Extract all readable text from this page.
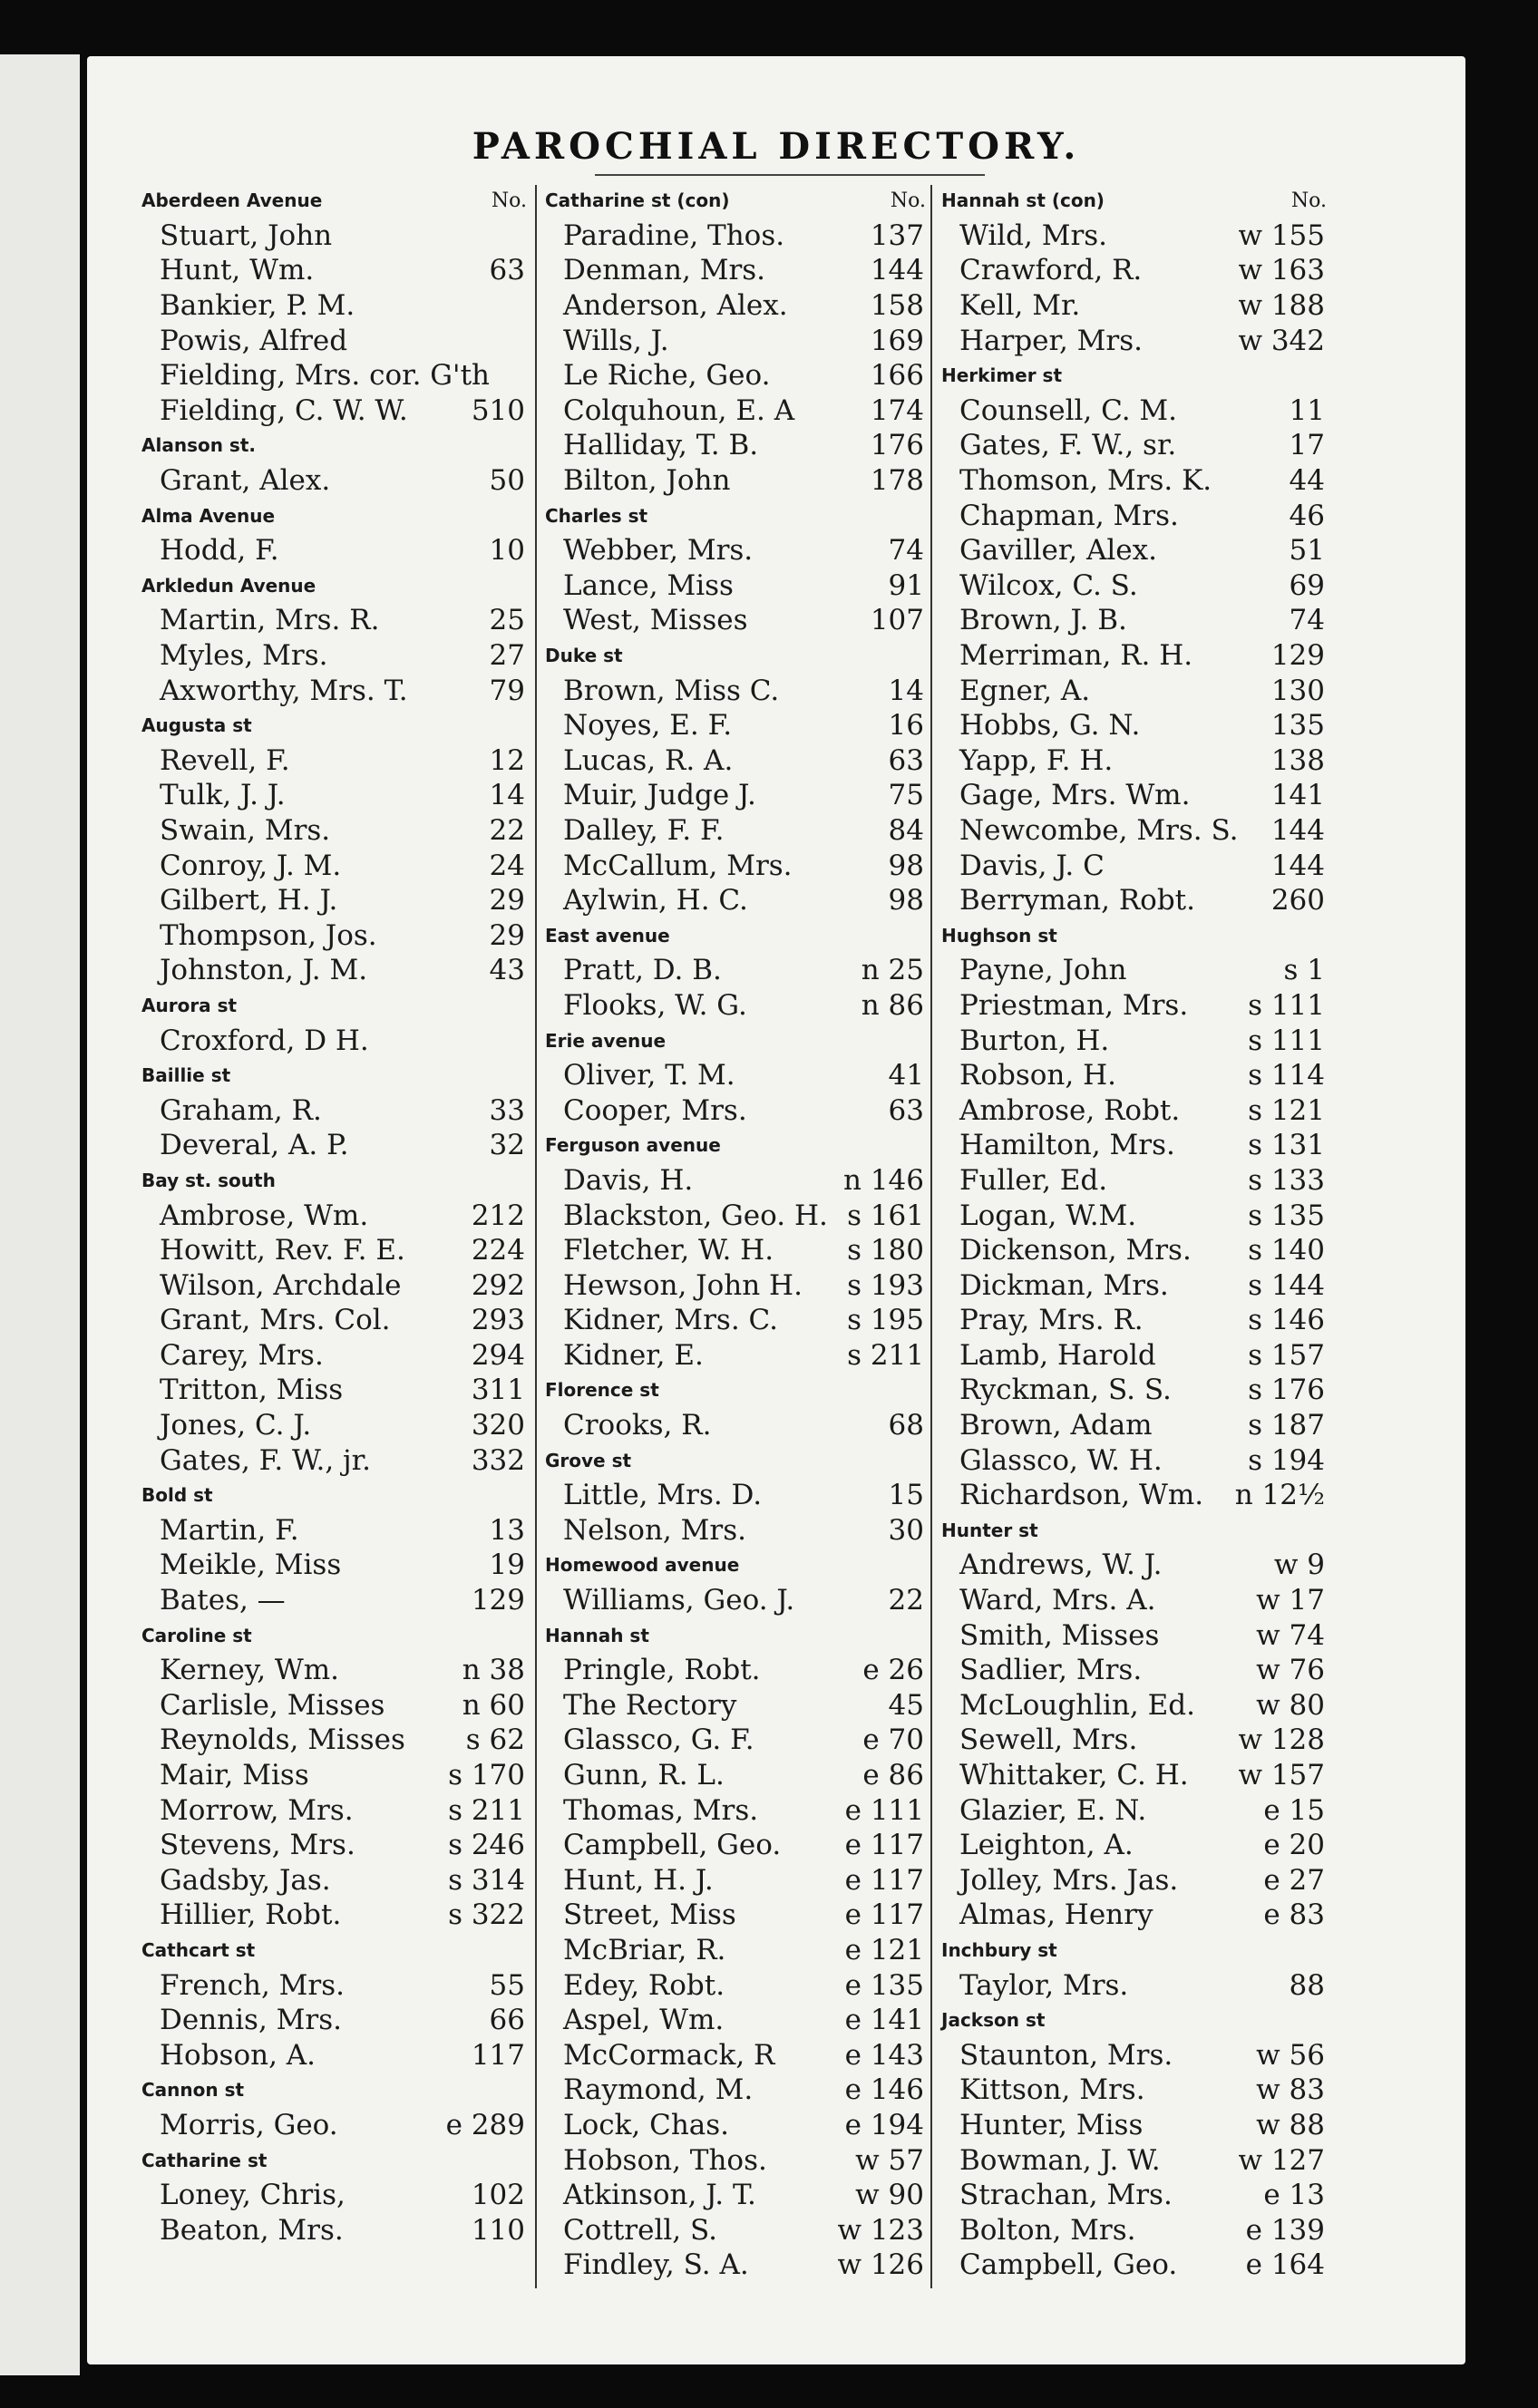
PAROCHIAL DIRECTORY.
Aberdeen Avenue	No.
Stuart, John
Hunt, Wm.	63
Bankier, P. M.
Powis, Alfred
Fielding, Mrs. cor. G'th
Fielding, C. W. W. 510
Alanson st.
Grant, Alex.	50
Alma Avenue
Hodd, F.	10
Arkledun Avenue
Martin, Mrs. R.	25
Myles, Mrs.	27
Axworthy, Mrs. T.	79
Augusta st
Revell, F.	12
Tulk, J. J.	14
Swain, Mrs.	22
Conroy, J. M.	24
Gilbert, H. J.	29
Thompson, Jos.	29
Johnston, J. M.	43
Aurora st
Croxford, D H.
Baillie st
Graham, R.	33
Deveral, A. P.	32
Bay st. south
Ambrose, Wm.	212
Howitt, Rev. F. E. 224
Wilson, Archdale 292
Grant, Mrs. Col.	293
Carey, Mrs.	294
Tritton, Miss	311
Jones, C. J.	320
Gates, F. W., jr.	332
Bold st
Martin, F.	13
Meikle, Miss	19
Bates, —	129
Caroline st
Kerney, Wm.	n 38
Carlisle, Misses	n 60
Reynolds, Misses s 62
Mair, Miss	s 170
Morrow, Mrs.	s 211
Stevens, Mrs.	s 246
Gadsby, Jas.	s 314
Hillier, Robt.	s 322
Cathcart st
French, Mrs.	55
Dennis, Mrs.	66
Hobson, A.	117
Cannon st
Morris, Geo.	e 289
Catharine st
Loney, Chris,	102
Beaton, Mrs.	110
Catharine st (con)	No.
Paradine, Thos.	137
Denman, Mrs.	144
Anderson, Alex.	158
Wills, J.	169
Le Riche, Geo.	166
Colquhoun, E. A	174
Halliday, T. B.	176
Bilton, John	178
Charles st
Webber, Mrs.	74
Lance, Miss	91
West, Misses	107
Duke st
Brown, Miss C.	14
Noyes, E. F.	16
Lucas, R. A.	63
Muir, Judge J.	75
Dalley, F. F.	84
McCallum, Mrs.	98
Aylwin, H. C.	98
East avenue
Pratt, D. B.	n 25
Flooks, W. G.	n 86
Erie avenue
Oliver, T. M.	41
Cooper, Mrs.	63
Ferguson avenue
Davis, H.	n 146
Blackston, Geo. H. s 161
Fletcher, W. H.	s 180
Hewson, John H. s 193
Kidner, Mrs. C. s 195
Kidner, E.	s 211
Florence st
Crooks, R.	68
Grove st
Little, Mrs. D.	15
Nelson, Mrs.	30
Homewood avenue
Williams, Geo. J.	22
Hannah st
Pringle, Robt.	e 26
The Rectory	45
Glassco, G. F.	e 70
Gunn, R. L.	e 86
Thomas, Mrs.	e 111
Campbell, Geo. e 117
Hunt, H. J.	e 117
Street, Miss	e 117
McBriar, R.	e 121
Edey, Robt.	e 135
Aspel, Wm.	e 141
McCormack, R e 143
Raymond, M.	e 146
Lock, Chas.	e 194
Hobson, Thos.	w 57
Atkinson, J. T.	w 90
Cottrell, S.	w 123
Findley, S. A.	w 126
Hannah st (con)	No.
Wild, Mrs.	w 155
Crawford, R.	w 163
Kell, Mr.	w 188
Harper, Mrs.	w 342
Herkimer st
Counsell, C. M.	11
Gates, F. W., sr.	17
Thomson, Mrs. K.	44
Chapman, Mrs.	46
Gaviller, Alex.	51
Wilcox, C. S.	69
Brown, J. B.	74
Merriman, R. H.	129
Egner, A.	130
Hobbs, G. N.	135
Yapp, F. H.	138
Gage, Mrs. Wm.	141
Newcombe, Mrs. S. 144
Davis, J. C	144
Berryman, Robt.	260
Hughson st
Payne, John	s 1
Priestman, Mrs. s 111
Burton, H.	s 111
Robson, H.	s 114
Ambrose, Robt. s 121
Hamilton, Mrs.	s 131
Fuller, Ed.	s 133
Logan, W.M.	s 135
Dickenson, Mrs. s 140
Dickman, Mrs.	s 144
Pray, Mrs. R.	s 146
Lamb, Harold	s 157
Ryckman, S. S.	s 176
Brown, Adam	s 187
Glassco, W. H.	s 194
Richardson, Wm. n 12½
Hunter st
Andrews, W. J.	w 9
Ward, Mrs. A.	w 17
Smith, Misses	w 74
Sadlier, Mrs.	w 76
McLoughlin, Ed. w 80
Sewell, Mrs.	w 128
Whittaker, C. H. w 157
Glazier, E. N.	e 15
Leighton, A.	e 20
Jolley, Mrs. Jas.	e 27
Almas, Henry	e 83
Inchbury st
Taylor, Mrs.	88
Jackson st
Staunton, Mrs.	w 56
Kittson, Mrs.	w 83
Hunter, Miss	w 88
Bowman, J. W.	w 127
Strachan, Mrs.	e 13
Bolton, Mrs.	e 139
Campbell, Geo. e 164
